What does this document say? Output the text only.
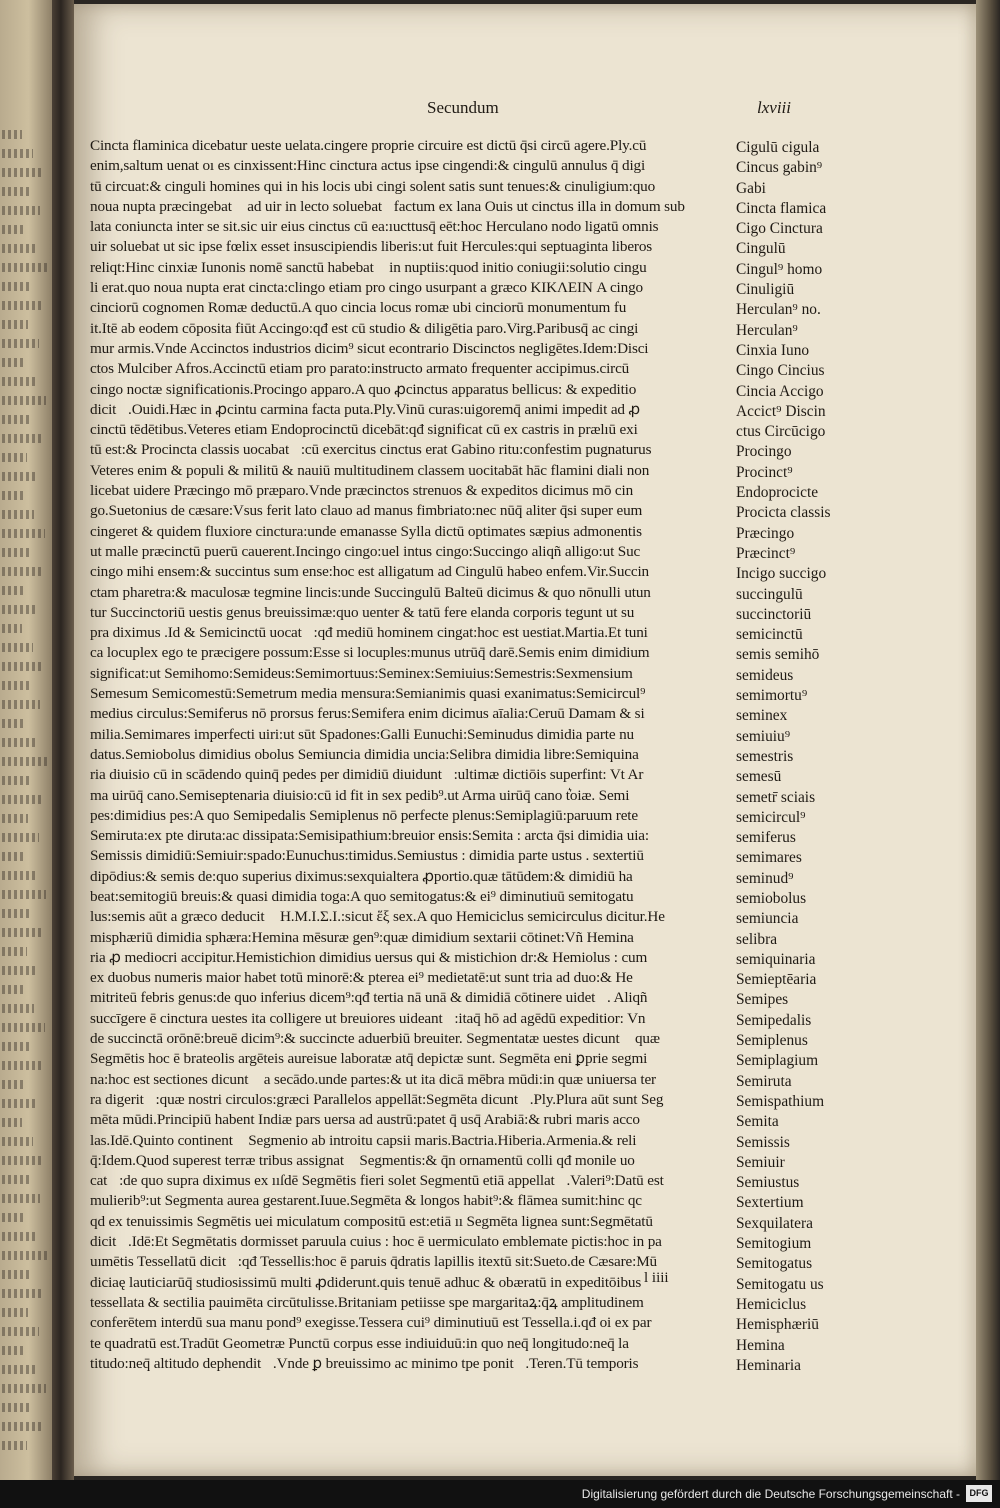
Secundum	lxviii
Cincta flaminica dicebatur ueste uelata.cingere proprie circuire est dictū q̄si circū agere.Ply.cū
enim,saltum uenat oı es cinxissent:Hinc cinctura actus ipse cingendi:& cingulū annulus q̄ digi
tū circuat:& cinguli homines qui in his locis ubi cingi solent satis sunt tenues:& cinuligium:quo
noua nupta præcingebat᷑ ad uir in lecto soluebat᷑factum ex lana Ouis ut cinctus illa in domum sub
lata coniuncta inter se sit.sic uir eius cinctus cū ea:ıucttusq̄ eēt:hoc Herculano nodo ligatū omnis
uir soluebat ut sic ipse fœlix esset insuscipiendis liberis:ut fuit Hercules:qui septuaginta liberos
reliqt:Hinc cinxiæ Iunonis nomē sanctū habebat᷑ in nuptiis:quod initio coniugii:solutio cingu
li erat.quo noua nupta erat cincta:clingo etiam pro cingo usurpant a græco ΚΙΚΛΕΙΝ A cingo
cinciorū cognomen Romæ deductū.A quo cincia locus romæ ubi cinciorū monumentum fu
it.Itē ab eodem cōposita fiūt Accingo:qđ est cū studio & diligētia paro.Virg.Paribusq̄ ac cingi
mur armis.Vnde Accinctos industrios dicim⁹ sicut econtrario Discinctos negligētes.Idem:Disci
ctos Mulciber Afros.Accinctū etiam pro parato:instructo armato frequenter accipimus.circū
cingo noctæ significationis.Procingo apparo.A quo ꝓcinctus apparatus bellicus: & expeditio
dicit᷑.Ouidi.Hæc in ꝓcintu carmina facta puta.Ply.Vinū curas:uigoremq̄ animi impedit ad ꝓ
cinctū tēdētibus.Veteres etiam Endoprocinctū dicebāt:qđ significat cū ex castris in prælıū exi
tū est:& Procincta classis uocabat᷑:cū exercitus cinctus erat Gabino ritu:confestim pugnaturus
Veteres enim & populi & militū & nauiū multitudinem classem uocitabāt hāc flamini diali non
licebat uidere Præcingo mō præparo.Vnde præcinctos strenuos & expeditos dicimus mō cin
go.Suetonius de cæsare:Vsus ferit lato clauo ad manus fimbriato:nec nūq̄ aliter q̄si super eum
cingeret & quidem fluxiore cinctura:unde emanasse Sylla dictū optimates sæpius admonentis
ut malle præcinctū puerū cauerent.Incingo cingo:uel intus cingo:Succingo aliqñ alligo:ut Suc
cingo mihi ensem:& succintus sum ense:hoc est alligatum ad Cingulū habeo enfem.Vir.Succin
ctam pharetra:& maculosæ tegmine lincis:unde Succingulū Balteū dicimus & quo nōnulli utun
tur Succinctoriū uestis genus breuissimæ:quo uenter & tatū fere elanda corporis tegunt ut su
pra diximus .Id & Semicinctū uocat᷑:qđ mediū hominem cingat:hoc est uestiat.Martia.Et tuni
ca locuplex ego te præcigere possum:Esse si locuples:munus utrūq̄ darē.Semis enim dimidium
significat:ut Semihomo:Semideus:Semimortuus:Seminex:Semiuius:Semestris:Sexmensium
Semesum Semicomestū:Semetrum media mensura:Semianimis quasi exanimatus:Semicircul⁹
medius circulus:Semiferus nō prorsus ferus:Semifera enim dicimus aīalia:Ceruū Damam & si
milia.Semimares imperfecti uiri:ut sūt Spadones:Galli Eunuchi:Seminudus dimidia parte nu
datus.Semiobolus dimidius obolus Semiuncia dimidia uncia:Selibra dimidia libre:Semiquina
ria diuisio cū in scādendo quinq̄ pedes per dimidiū diuidunt᷑:ultimæ dictiōis superfint: Vt Ar
ma uirūq̄ cano.Semiseptenaria diuisio:cū id fit in sex pedib⁹.ut Arma uirūq̄ cano t͛oiæ. Semi
pes:dimidius pes:A quo Semipedalis Semiplenus nō perfecte plenus:Semiplagiū:paruum rete
Semiruta:ex pte diruta:ac dissipata:Semisipathium:breuior ensis:Semita : arcta q̄si dimidia uia:
Semissis dimidiū:Semiuir:spado:Eunuchus:timidus.Semiustus : dimidia parte ustus . sextertiū
dipōdius:& semis de:quo superius diximus:sexquialtera ꝓportio.quæ tātūdem:& dimidiū ha
beat:semitogiū breuis:& quasi dimidia toga:A quo semitogatus:& ei⁹ diminutiuū semitogatu
lus:semis aūt a græco deducit᷑ Η.Μ.Ι.Σ.Ι.:sicut ἕξ sex.A quo Hemiciclus semicirculus dicitur.He
misphæriū dimidia sphæra:Hemina mēsuræ gen⁹:quæ dimidium sextarii cōtinet:Vñ Hemina
ria ꝓ mediocri accipitur.Hemistichion dimidius uersus qui & mistichion dr:& Hemiolus : cum
ex duobus numeris maior habet totū minorē:& pterea ei⁹ medietatē:ut sunt tria ad duo:& He
mitriteū febris genus:de quo inferius dicem⁹:qđ tertia nā unā & dimidiā cōtinere uidet᷑. Aliqñ
succīgere ē cinctura uestes ita colligere ut breuiores uideant᷑:itaq̄ hō ad agēdū expeditior: Vn
de succinctā orōnē:breuē dicim⁹:& succincte aduerbiū breuiter. Segmentatæ uestes dicunt᷑ quæ
Segmētis hoc ē brateolis argēteis aureisue laboratæ atq̄ depictæ sunt. Segmēta eni ꝑprie segmi
na:hoc est sectiones dicunt᷑ a secādo.unde partes:& ut ita dicā mēbra mūdi:in quæ uniuersa ter
ra digerit᷑:quæ nostri circulos:græci Parallelos appellāt:Segmēta dicunt᷑.Ply.Plura aūt sunt Seg
mēta mūdi.Principiū habent Indiæ pars uersa ad austrū:patet q̄ usq̄ Arabiā:& rubri maris acco
las.Idē.Quinto continent᷑ Segmenio ab introitu capsii maris.Bactria.Hiberia.Armenia.& reli
q̄:Idem.Quod superest terræ tribus assignat᷑ Segmentis:& q̄n ornamentū colli qđ monile uo
cat᷑:de quo supra diximus ex ııſdē Segmētis fieri solet Segmentū etiā appellat᷑.Valeri⁹:Datū est
mulierib⁹:ut Segmenta aurea gestarent.Iuue.Segmēta & longos habit⁹:& flāmea sumit:hinc qc
qd ex tenuissimis Segmētis uei miculatum compositū est:etiā ıı Segmēta lignea sunt:Segmētatū
dicit᷑.Idē:Et Segmētatis dormisset paruula cuius : hoc ē uermiculato emblemate pictis:hoc in pa
uımētis Tessellatū dicit᷑:qđ Tessellis:hoc ē paruis q̄dratis lapillis itextū sit:Sueto.de Cæsare:Mū
diciaę lauticiarūq̄ studiosissimū multi ꝓdiderunt.quis tenuē adhuc & obæratū in expeditōibus
tessellata & sectilia pauimēta circūtulisse.Britaniam petiisse spe margaritaꝝ:q̄ꝝ amplitudinem
conferētem interdū sua manu pond⁹ exegisse.Tessera cui⁹ diminutiuū est Tessella.i.qđ oi ex par
te quadratū est.Tradūt Geometræ Punctū corpus esse indiuiduū:in quo neq̄ longitudo:neq̄ la
titudo:neq̄ altitudo dephendit᷑.Vnde ꝑ breuissimo ac minimo tpe ponit᷑.Teren.Tū temporis
Cigulū cigula
Cincus gabin⁹
Gabi
Cincta flamica
Cigo Cinctura
Cingulū
Cingul⁹ homo
Cinuligiū
Herculan⁹ no.
Herculan⁹
Cinxia Iuno
Cingo Cincius
Cincia Accigo
Accict⁹ Discin
ctus Circūcigo
Procingo
Procinct⁹
Endoprocicte
Procicta classis
Præcingo
Præcinct⁹
Incigo succigo
succingulū
succinctoriū
semicinctū
semis semihō
semideus
semimortu⁹
seminex
semiuiu⁹
semestris
semesū
semetr̄ sciais
semicircul⁹
semiferus
semimares
seminud⁹
semiobolus
semiuncia
selibra
semiquinaria
Semieptēaria
Semipes
Semipedalis
Semiplenus
Semiplagium
Semiruta
Semispathium
Semita
Semissis
Semiuir
Semiustus
Sextertium
Sexquilatera
Semitogium
Semitogatus
Semitogatu us
Hemiciclus
Hemisphæriū
Hemina
Heminaria
l iiii
Digitalisierung gefördert durch die Deutsche Forschungsgemeinschaft -	DFG
